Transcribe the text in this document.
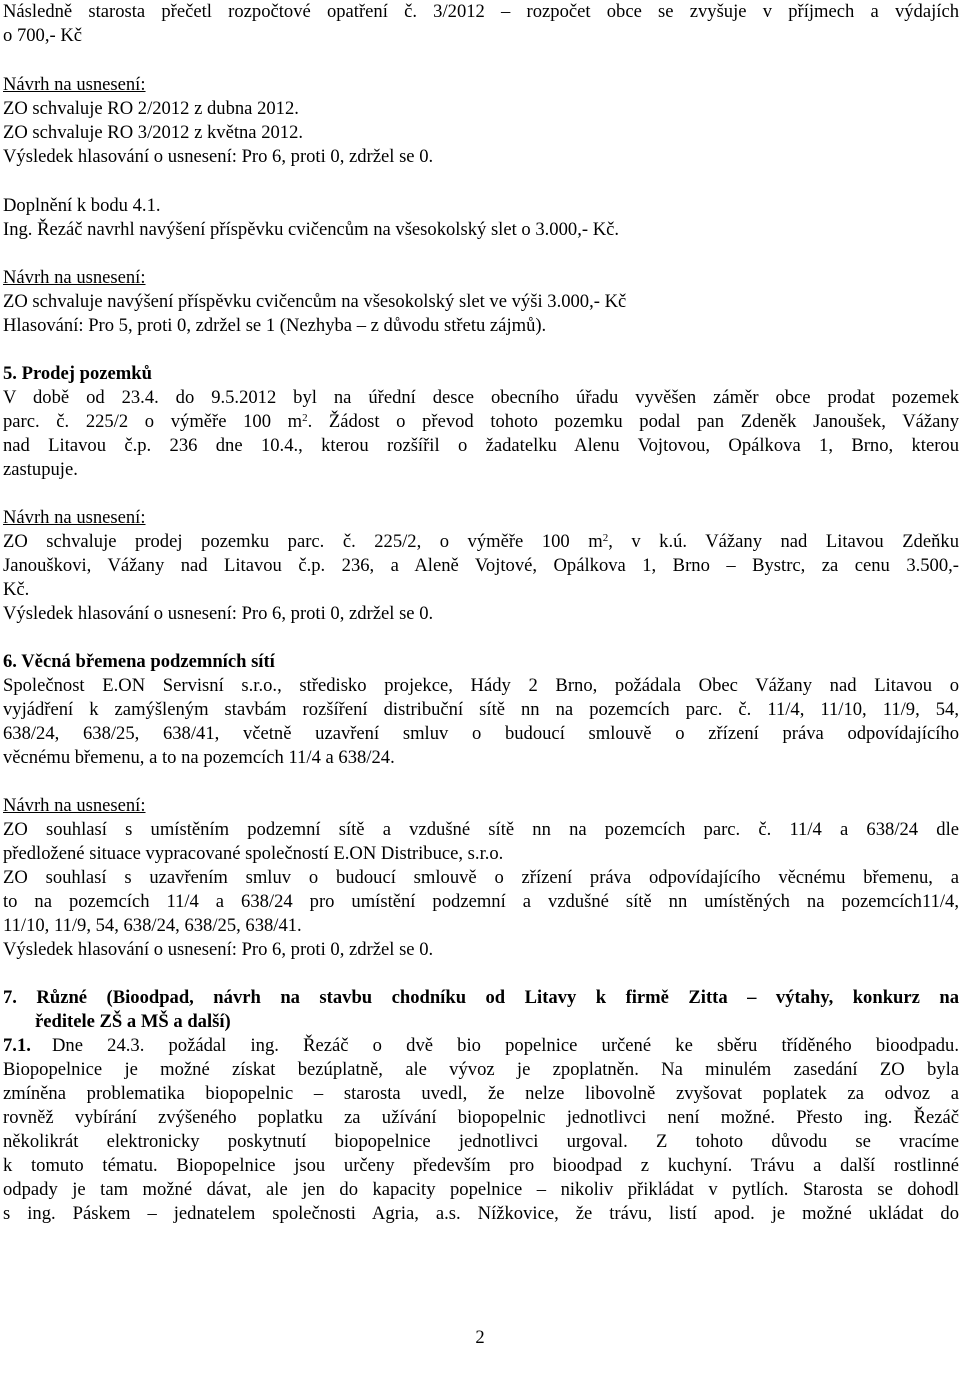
Následně starosta přečetl rozpočtové opatření č. 3/2012 – rozpočet obce se zvyšuje v příjmech a výdajích
o 700,- Kč
Návrh na usnesení:
ZO schvaluje RO 2/2012 z dubna 2012.
ZO schvaluje RO 3/2012 z května 2012.
Výsledek hlasování o usnesení: Pro 6, proti 0, zdržel se 0.
Doplnění k bodu 4.1.
Ing. Řezáč navrhl navýšení příspěvku cvičencům na všesokolský slet o 3.000,- Kč.
Návrh na usnesení:
ZO schvaluje navýšení příspěvku cvičencům na všesokolský slet ve výši 3.000,- Kč
Hlasování: Pro 5, proti 0, zdržel se 1 (Nezhyba – z důvodu střetu zájmů).
5. Prodej pozemků
V době od 23.4. do 9.5.2012 byl na úřední desce obecního úřadu vyvěšen záměr obce prodat pozemek
parc. č. 225/2 o výměře 100 $m^2$. Žádost o převod tohoto pozemku podal pan Zdeněk Janoušek, Vážany
nad Litavou č.p. 236 dne 10.4., kterou rozšířil o žadatelku Alenu Vojtovou, Opálkova 1, Brno, kterou
zastupuje.
Návrh na usnesení:
ZO schvaluje prodej pozemku parc. č. 225/2, o výměře 100 $m^2$, v k.ú. Vážany nad Litavou Zdeňku
Janouškovi, Vážany nad Litavou č.p. 236, a Aleně Vojtové, Opálkova 1, Brno – Bystrc, za cenu 3.500,-
Kč.
Výsledek hlasování o usnesení: Pro 6, proti 0, zdržel se 0.
6. Věcná břemena podzemních sítí
Společnost E.ON Servisní s.r.o., středisko projekce, Hády 2 Brno, požádala Obec Vážany nad Litavou o
vyjádření k zamýšleným stavbám rozšíření distribuční sítě nn na pozemcích parc. č. 11/4, 11/10, 11/9, 54,
638/24, 638/25, 638/41, včetně uzavření smluv o budoucí smlouvě o zřízení práva odpovídajícího
věcnému břemenu, a to na pozemcích 11/4 a 638/24.
Návrh na usnesení:
ZO souhlasí s umístěním podzemní sítě a vzdušné sítě nn na pozemcích parc. č. 11/4 a 638/24 dle
předložené situace vypracované společností E.ON Distribuce, s.r.o.
ZO souhlasí s uzavřením smluv o budoucí smlouvě o zřízení práva odpovídajícího věcnému břemenu, a
to na pozemcích 11/4 a 638/24 pro umístění podzemní a vzdušné sítě nn umístěných na pozemcích11/4,
11/10, 11/9, 54, 638/24, 638/25, 638/41.
Výsledek hlasování o usnesení: Pro 6, proti 0, zdržel se 0.
7. Různé (Bioodpad, návrh na stavbu chodníku od Litavy k firmě Zitta – výtahy, konkurz na
ředitele ZŠ a MŠ a další)
7.1. Dne 24.3. požádal ing. Řezáč o dvě bio popelnice určené ke sběru tříděného bioodpadu.
Biopopelnice je možné získat bezúplatně, ale vývoz je zpoplatněn. Na minulém zasedání ZO byla
zmíněna problematika biopopelnic – starosta uvedl, že nelze libovolně zvyšovat poplatek za odvoz a
rovněž vybírání zvýšeného poplatku za užívání biopopelnic jednotlivci není možné. Přesto ing. Řezáč
několikrát elektronicky poskytnutí biopopelnice jednotlivci urgoval. Z tohoto důvodu se vracíme
k tomuto tématu. Biopopelnice jsou určeny především pro bioodpad z kuchyní. Trávu a další rostlinné
odpady je tam možné dávat, ale jen do kapacity popelnice – nikoliv přikládat v pytlích. Starosta se dohodl
s ing. Páskem – jednatelem společnosti Agria, a.s. Nížkovice, že trávu, listí apod. je možné ukládat do
2
